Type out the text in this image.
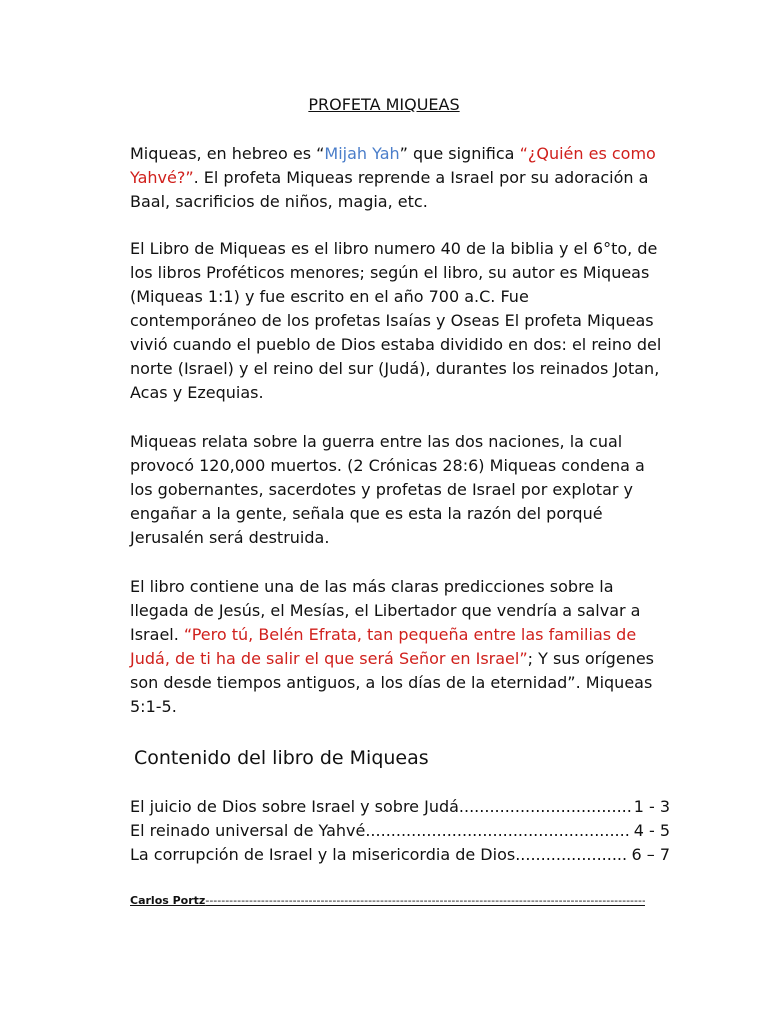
PROFETA MIQUEAS

Miqueas, en hebreo es “Mijah Yah” que significa “¿Quién es como
Yahvé?”. El profeta Miqueas reprende a Israel por su adoración a
Baal, sacrificios de niños, magia, etc.

El Libro de Miqueas es el libro numero 40 de la biblia y el 6°to, de
los libros Proféticos menores; según el libro, su autor es Miqueas
(Miqueas 1:1) y fue escrito en el año 700 a.C. Fue
contemporáneo de los profetas Isaías y Oseas El profeta Miqueas
vivió cuando el pueblo de Dios estaba dividido en dos: el reino del
norte (Israel) y el reino del sur (Judá), durantes los reinados Jotan,
Acas y Ezequias.

Miqueas relata sobre la guerra entre las dos naciones, la cual
provocó 120,000 muertos. (2 Crónicas 28:6) Miqueas condena a
los gobernantes, sacerdotes y profetas de Israel por explotar y
engañar a la gente, señala que es esta la razón del porqué
Jerusalén será destruida.

El libro contiene una de las más claras predicciones sobre la
llegada de Jesús, el Mesías, el Libertador que vendría a salvar a
Israel. “Pero tú, Belén Efrata, tan pequeña entre las familias de
Judá, de ti ha de salir el que será Señor en Israel”; Y sus orígenes
son desde tiempos antiguos, a los días de la eternidad”. Miqueas
5:1-5.

Contenido del libro de Miqueas
El juicio de Dios sobre Israel y sobre Judá .....	1 - 3
El reinado universal de Yahvé .....	4 - 5
La corrupción de Israel y la misericordia de Dios .....	6 – 7
Carlos Portz
-----
